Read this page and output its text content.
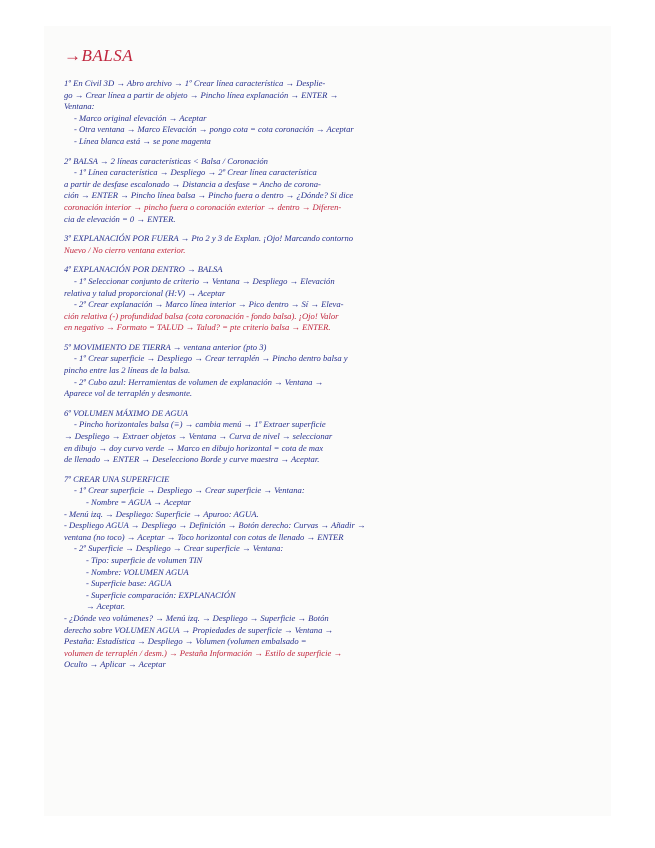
→BALSA
1º En Civil 3D → Abro archivo → 1º Crear línea característica → Desplie-
go → Crear línea a partir de objeto → Pincho línea explanación → ENTER →
Ventana:
- Marco original elevación → Aceptar
- Otra ventana → Marco Elevación → pongo cota = cota coronación → Aceptar
- Línea blanca está → se pone magenta
2º BALSA → 2 líneas características < Balsa / Coronación
- 1º Línea característica → Despliego → 2º Crear línea característica
a partir de desfase escalonado → Distancia a desfase = Ancho de corona-
ción → ENTER → Pincho línea balsa → Pincho fuera o dentro → ¿Dónde? Si dice
coronación interior → pincho fuera o coronación exterior → dentro → Diferen-
cia de elevación = 0 → ENTER.
3º EXPLANACIÓN POR FUERA → Pto 2 y 3 de Explan. ¡Ojo! Marcando contorno
Nuevo / No cierro ventana exterior.
4º EXPLANACIÓN POR DENTRO → BALSA
- 1º Seleccionar conjunto de criterio → Ventana → Despliego → Elevación
relativa y talud proporcional (H:V) → Aceptar
- 2º Crear explanación → Marco línea interior → Pico dentro → Sí → Eleva-
ción relativa (-) profundidad balsa (cota coronación - fondo balsa). ¡Ojo! Valor
en negativo → Formato = TALUD → Talud? = pte criterio balsa → ENTER.
5º MOVIMIENTO DE TIERRA → ventana anterior (pto 3)
- 1º Crear superficie → Despliego → Crear terraplén → Pincho dentro balsa y
pincho entre las 2 líneas de la balsa.
- 2º Cubo azul: Herramientas de volumen de explanación → Ventana →
Aparece vol de terraplén y desmonte.
6º VOLUMEN MÁXIMO DE AGUA
- Pincho horizontales balsa (≡) → cambia menú → 1º Extraer superficie
→ Despliego → Extraer objetos → Ventana → Curva de nivel → seleccionar
en dibujo → doy curvo verde → Marco en dibujo horizontal = cota de max
de llenado → ENTER → Deselecciono Borde y curve maestra → Aceptar.
7º CREAR UNA SUPERFICIE
- 1º Crear superficie → Despliego → Crear superficie → Ventana:
- Nombre = AGUA → Aceptar
- Menú izq. → Despliego: Superficie → Apuroo: AGUA.
- Despliego AGUA → Despliego → Definición → Botón derecho: Curvas → Añadir →
ventana (no toco) → Aceptar → Toco horizontal con cotas de llenado → ENTER
- 2º Superficie → Despliego → Crear superficie → Ventana:
- Tipo: superficie de volumen TIN
- Nombre: VOLUMEN AGUA
- Superficie base: AGUA
- Superficie comparación: EXPLANACIÓN
→ Aceptar.
- ¿Dónde veo volúmenes? → Menú izq. → Despliego → Superficie → Botón
derecho sobre VOLUMEN AGUA → Propiedades de superficie → Ventana →
Pestaña: Estadística → Despliego → Volumen (volumen embalsado =
volumen de terraplén / desm.) → Pestaña Información → Estilo de superficie →
Oculto → Aplicar → Aceptar
